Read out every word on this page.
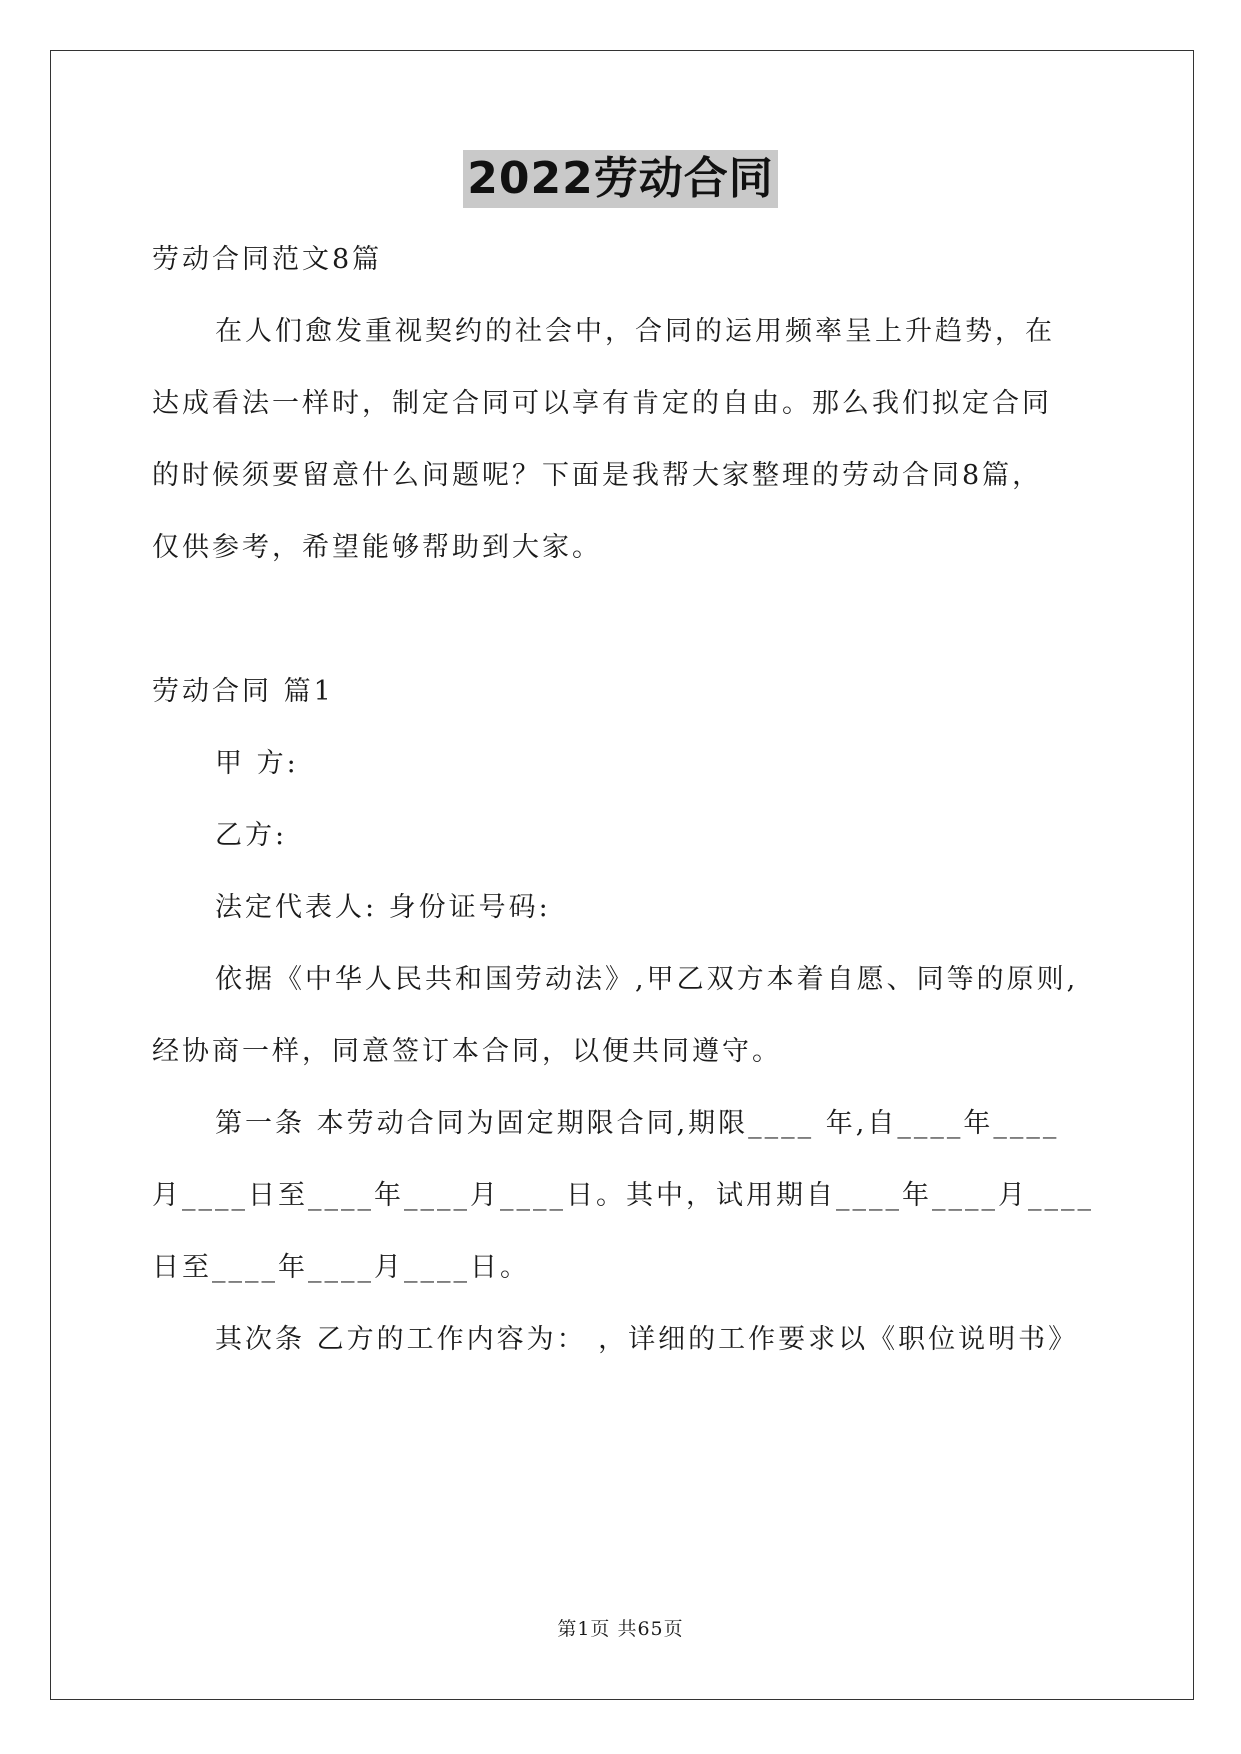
2022劳动合同
劳动合同范文8篇
在人们愈发重视契约的社会中，合同的运用频率呈上升趋势，在
达成看法一样时，制定合同可以享有肯定的自由。那么我们拟定合同
的时候须要留意什么问题呢？下面是我帮大家整理的劳动合同8篇，
仅供参考，希望能够帮助到大家。
劳动合同 篇1
甲 方:
乙方:
法定代表人: 身份证号码:
依据《中华人民共和国劳动法》,甲乙双方本着自愿、同等的原则,
经协商一样，同意签订本合同，以便共同遵守。
第一条 本劳动合同为固定期限合同,期限____ 年,自____年____
月____日至____年____月____日。其中，试用期自____年____月____
日至____年____月____日。
其次条 乙方的工作内容为： ，详细的工作要求以《职位说明书》
第1页 共65页
